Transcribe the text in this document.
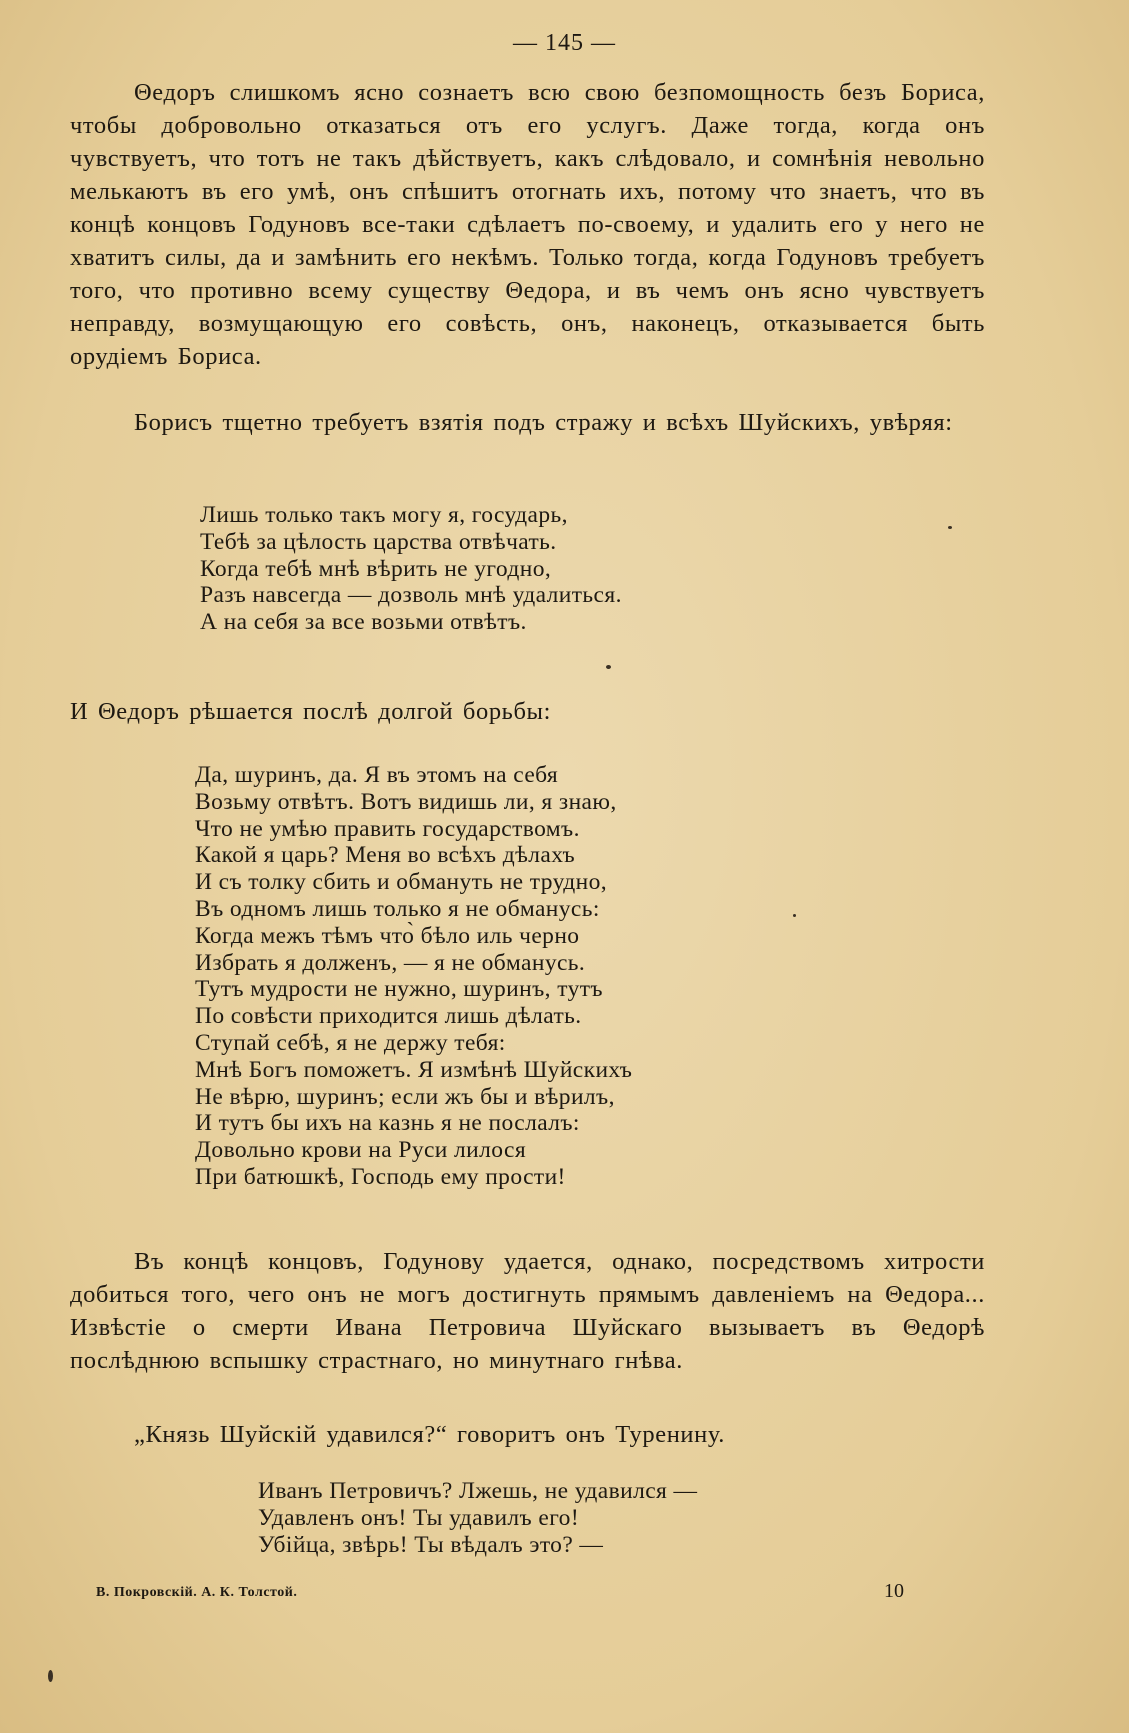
— 145 —

Θедоръ слишкомъ ясно сознаетъ всю свою безпомощность безъ Бориса, чтобы добровольно отказаться отъ его услугъ. Даже тогда, когда онъ чувствуетъ, что тотъ не такъ дѣйствуетъ, какъ слѣдовало, и сомнѣнія невольно мелькаютъ въ его умѣ, онъ спѣшитъ отогнать ихъ, потому что знаетъ, что въ концѣ концовъ Годуновъ все-таки сдѣлаетъ по-своему, и удалить его у него не хватитъ силы, да и замѣнить его некѣмъ. Только тогда, когда Годуновъ требуетъ того, что противно всему существу Θедора, и въ чемъ онъ ясно чувствуетъ неправду, возмущающую его совѣсть, онъ, наконецъ, отказывается быть орудіемъ Бориса.

Борисъ тщетно требуетъ взятія подъ стражу и всѣхъ Шуйскихъ, увѣряя:

Лишь только такъ могу я, государь,
Тебѣ за цѣлость царства отвѣчать.
Когда тебѣ мнѣ вѣрить не угодно,
Разъ навсегда — дозволь мнѣ удалиться.
А на себя за все возьми отвѣтъ.

И Θедоръ рѣшается послѣ долгой борьбы:

Да, шуринъ, да. Я въ этомъ на себя
Возьму отвѣтъ. Вотъ видишь ли, я знаю,
Что не умѣю править государствомъ.
Какой я царь? Меня во всѣхъ дѣлахъ
И съ толку сбить и обмануть не трудно,
Въ одномъ лишь только я не обманусь:
Когда межъ тѣмъ что̀ бѣло иль черно
Избрать я долженъ, — я не обманусь.
Тутъ мудрости не нужно, шуринъ, тутъ
По совѣсти приходится лишь дѣлать.
Ступай себѣ, я не держу тебя:
Мнѣ Богъ поможетъ. Я измѣнѣ Шуйскихъ
Не вѣрю, шуринъ; если жъ бы и вѣрилъ,
И тутъ бы ихъ на казнь я не послалъ:
Довольно крови на Руси лилося
При батюшкѣ, Господь ему прости!

Въ концѣ концовъ, Годунову удается, однако, посредствомъ хитрости добиться того, чего онъ не могъ достигнуть прямымъ давленіемъ на Θедора... Извѣстіе о смерти Ивана Петровича Шуйскаго вызываетъ въ Θедорѣ послѣднюю вспышку страстнаго, но минутнаго гнѣва.

„Князь Шуйскій удавился?“ говоритъ онъ Туренину.

Иванъ Петровичъ? Лжешь, не удавился —
Удавленъ онъ! Ты удавилъ его!
Убійца, звѣрь! Ты вѣдалъ это? —
В. Покровскій. А. К. Толстой.	10
